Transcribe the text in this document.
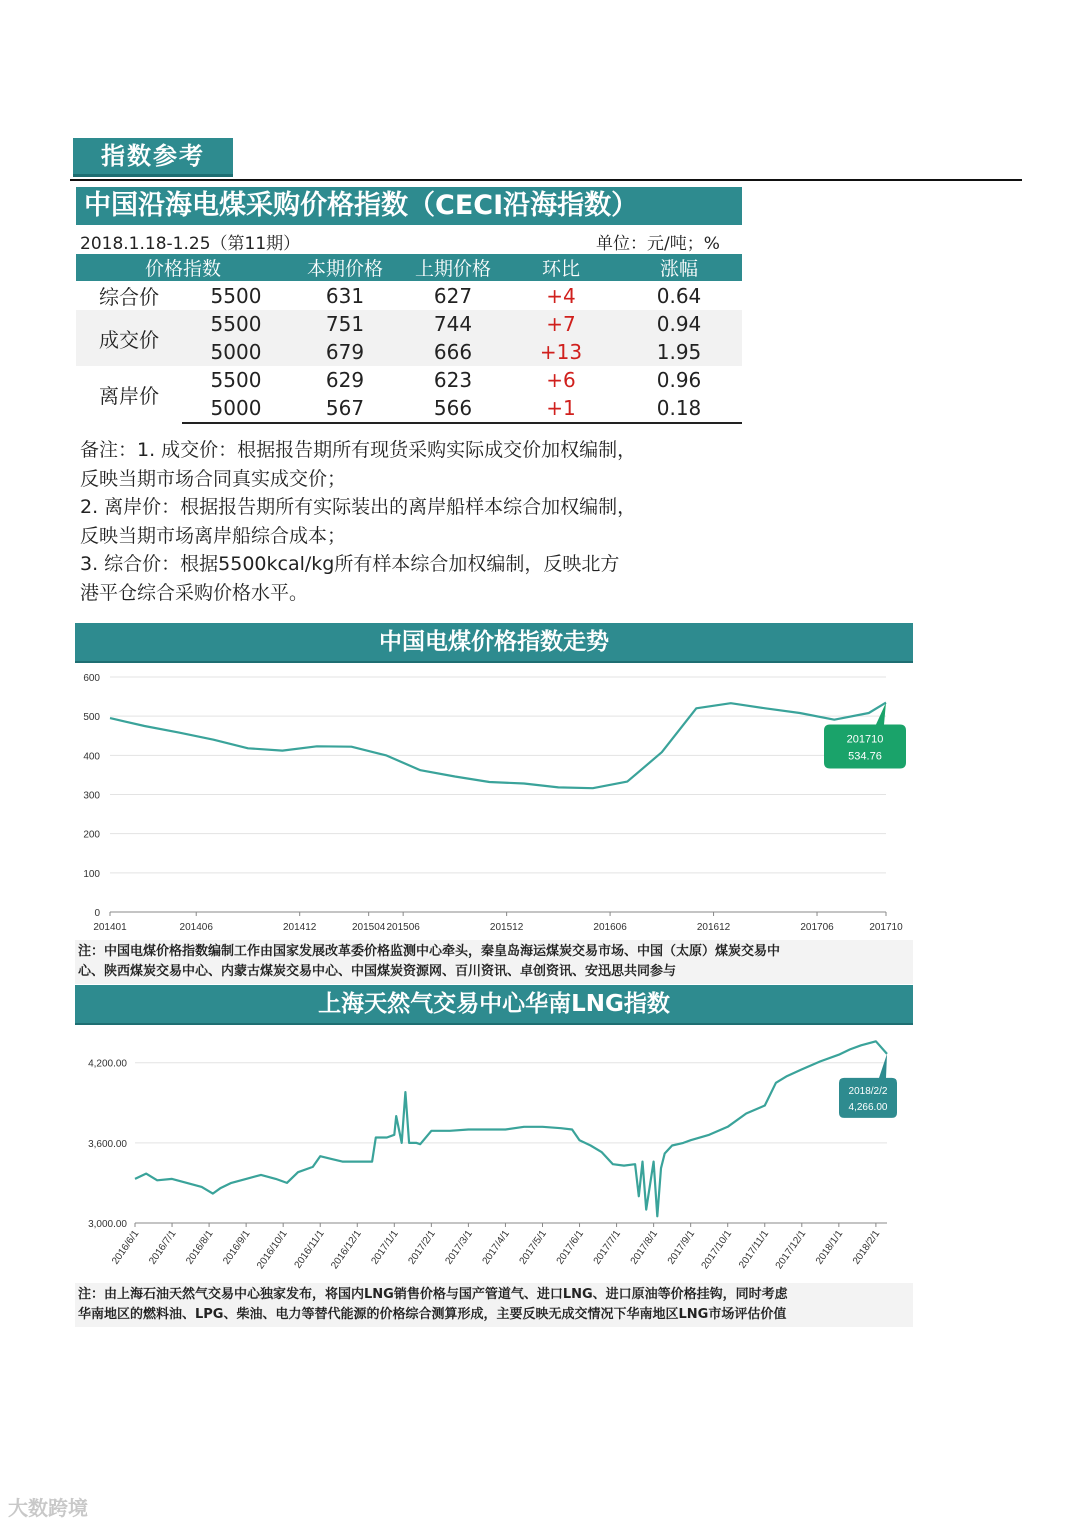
指数参考
中国沿海电煤采购价格指数（CECI沿海指数）
2018.1.18-1.25（第11期）	单位：元/吨；%
价格指数		本期价格	上期价格	环比	涨幅
综合价	5500	631	627	+4	0.64
成交价	5500	751	744	+7	0.94
	5000	679	666	+13	1.95
离岸价	5500	629	623	+6	0.96
	5000	567	566	+1	0.18
备注：1. 成交价：根据报告期所有现货采购实际成交价加权编制，
反映当期市场合同真实成交价；
2. 离岸价：根据报告期所有实际装出的离岸船样本综合加权编制，
反映当期市场离岸船综合成本；
3. 综合价：根据5500kcal/kg所有样本综合加权编制，反映北方
港平仓综合采购价格水平。
中国电煤价格指数走势
0
100
200
300
400
500
600
201401	201406	201412	201504 201506	201512	201606	201612	201706	201710
201710
534.76
注：中国电煤价格指数编制工作由国家发展改革委价格监测中心牵头，秦皇岛海运煤炭交易市场、中国（太原）煤炭交易中
心、陕西煤炭交易中心、内蒙古煤炭交易中心、中国煤炭资源网、百川资讯、卓创资讯、安迅思共同参与
上海天然气交易中心华南LNG指数
3,000.00
3,600.00
4,200.00
2016/6/1 2016/7/1 2016/8/1 2016/9/1 2016/10/1 2016/11/1 2016/12/1 2017/1/1 2017/2/1 2017/3/1 2017/4/1 2017/5/1 2017/6/1 2017/7/1 2017/8/1 2017/9/1 2017/10/1 2017/11/1 2017/12/1 2018/1/1 2018/2/1
2018/2/2
4,266.00
注：由上海石油天然气交易中心独家发布，将国内LNG销售价格与国产管道气、进口LNG、进口原油等价格挂钩，同时考虑
华南地区的燃料油、LPG、柴油、电力等替代能源的价格综合测算形成，主要反映无成交情况下华南地区LNG市场评估价值
大数跨境
